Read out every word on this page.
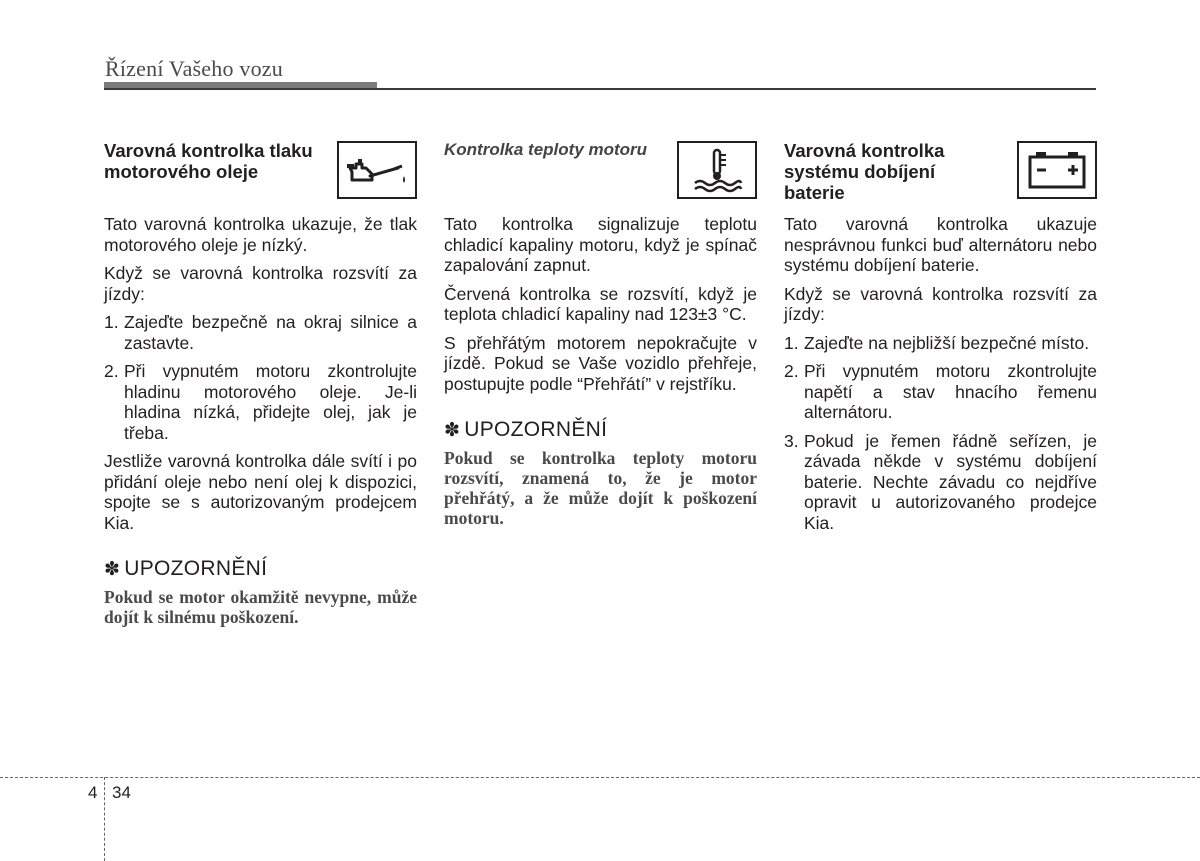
Řízení Vašeho vozu
Varovná kontrolka tlaku motorového oleje

Tato varovná kontrolka ukazuje, že tlak motorového oleje je nízký.

Když se varovná kontrolka rozsvítí za jízdy:

1. Zajeďte bezpečně na okraj silnice a zastavte.
2. Při vypnutém motoru zkontrolujte hladinu motorového oleje. Je-li hladina nízká, přidejte olej, jak je třeba.

Jestliže varovná kontrolka dále svítí i po přidání oleje nebo není olej k dispozici, spojte se s autorizovaným prodejcem Kia.

✽ UPOZORNĚNÍ
Pokud se motor okamžitě nevypne, může dojít k silnému poškození.
Kontrolka teploty motoru

Tato kontrolka signalizuje teplotu chladicí kapaliny motoru, když je spínač zapalování zapnut.

Červená kontrolka se rozsvítí, když je teplota chladicí kapaliny nad 123±3 °C.

S přehřátým motorem nepokračujte v jízdě. Pokud se Vaše vozidlo přehřeje, postupujte podle “Přehřátí” v rejstříku.

✽ UPOZORNĚNÍ
Pokud se kontrolka teploty motoru rozsvítí, znamená to, že je motor přehřátý, a že může dojít k poškození motoru.
Varovná kontrolka systému dobíjení baterie

Tato varovná kontrolka ukazuje nesprávnou funkci buď alternátoru nebo systému dobíjení baterie.

Když se varovná kontrolka rozsvítí za jízdy:

1. Zajeďte na nejbližší bezpečné místo.
2. Při vypnutém motoru zkontrolujte napětí a stav hnacího řemenu alternátoru.
3. Pokud je řemen řádně seřízen, je závada někde v systému dobíjení baterie. Nechte závadu co nejdříve opravit u autorizovaného prodejce Kia.
4 34
